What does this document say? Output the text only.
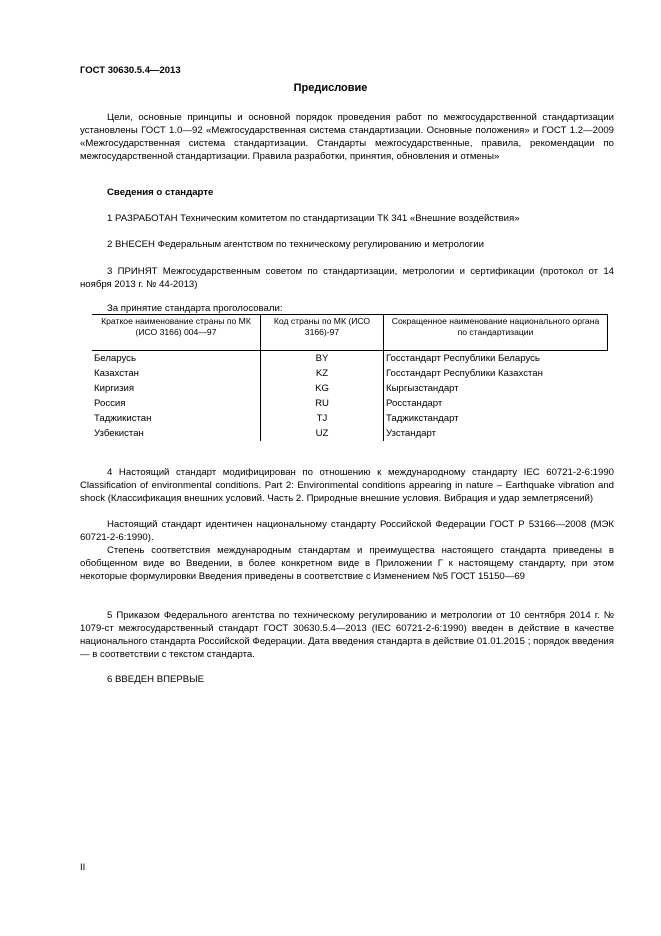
ГОСТ 30630.5.4—2013
Предисловие

Цели, основные принципы и основной порядок проведения работ по межгосударственной стандартизации установлены ГОСТ 1.0—92 «Межгосударственная система стандартизации. Основные положения» и ГОСТ 1.2—2009 «Межгосударственная система стандартизации. Стандарты межгосударственные, правила, рекомендации по межгосударственной стандартизации. Правила разработки, принятия, обновления и отмены»

Сведения о стандарте
1 РАЗРАБОТАН Техническим комитетом по стандартизации ТК 341 «Внешние воздействия»
2 ВНЕСЕН Федеральным агентством по техническому регулированию и метрологии

3 ПРИНЯТ Межгосударственным советом по стандартизации, метрологии и сертификации (протокол от 14 ноября 2013 г. № 44-2013)

За принятие стандарта проголосовали:
Краткое наименование страны по МК (ИСО 3166) 004—97	Код страны по МК (ИСО 3166)-97	Сокращенное наименование национального органа по стандартизации
Беларусь	BY	Госстандарт Республики Беларусь
Казахстан	KZ	Госстандарт Республики Казахстан
Киргизия	KG	Кыргызстандарт
Россия	RU	Росстандарт
Таджикистан	TJ	Таджикстандарт
Узбекистан	UZ	Узстандарт

4 Настоящий стандарт модифицирован по отношению к международному стандарту IEC 60721-2-6:1990 Classification of environmental conditions. Part 2: Environmental conditions appearing in nature – Earthquake vibration and shock (Классификация внешних условий. Часть 2. Природные внешние условия. Вибрация и удар землетрясений)

Настоящий стандарт идентичен национальному стандарту Российской Федерации ГОСТ Р 53166—2008 (МЭК 60721-2-6:1990).

Степень соответствия международным стандартам и преимущества настоящего стандарта приведены в обобщенном виде во Введении, в более конкретном виде в Приложении Г к настоящему стандарту, при этом некоторые формулировки Введения приведены в соответствие с Изменением №5 ГОСТ 15150—69

5 Приказом Федерального агентства по техническому регулированию и метрологии от 10 сентября 2014 г. № 1079-ст межгосударственный стандарт ГОСТ 30630.5.4—2013 (IEC 60721-2-6:1990) введен в действие в качестве национального стандарта Российской Федерации. Дата введения стандарта в действие 01.01.2015 ; порядок введения — в соответствии с текстом стандарта.

6 ВВЕДЕН ВПЕРВЫЕ
II
